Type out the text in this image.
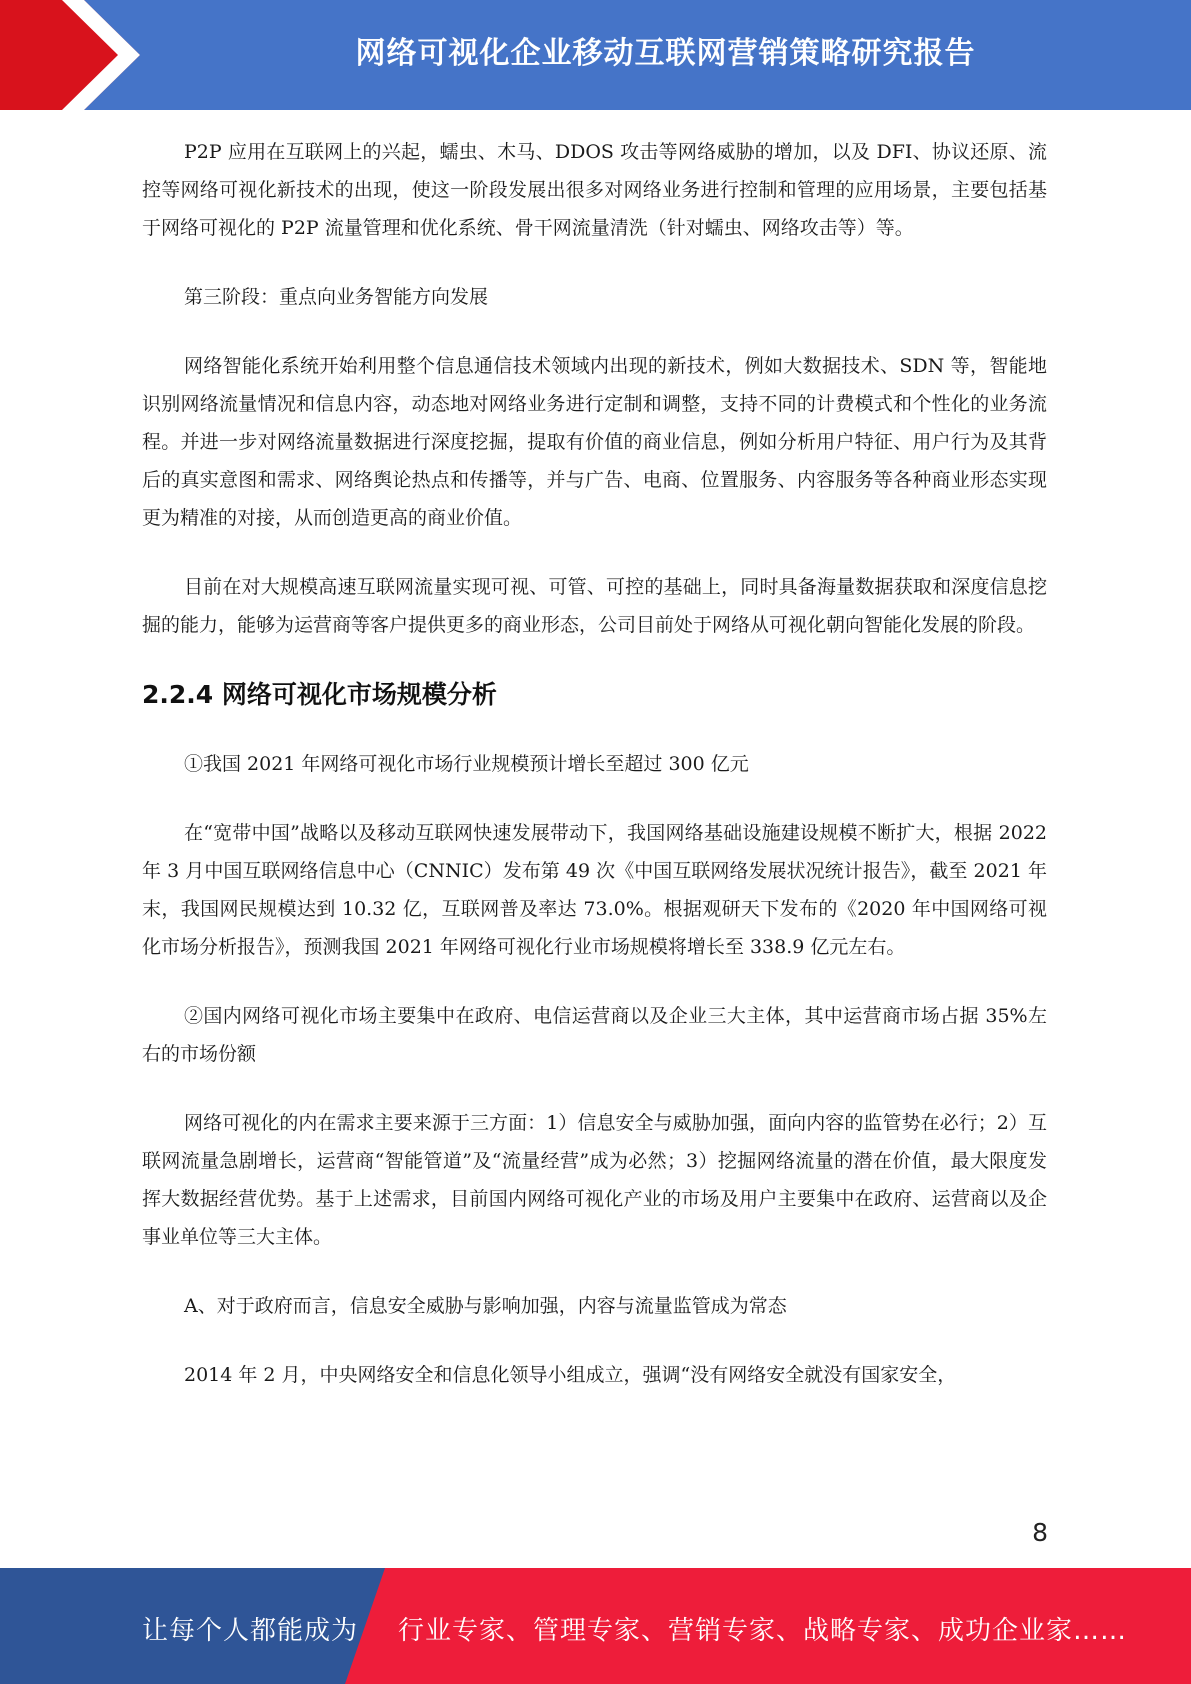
网络可视化企业移动互联网营销策略研究报告

P2P 应用在互联网上的兴起，蠕虫、木马、DDOS 攻击等网络威胁的增加，以及 DFI、协议还原、流控等网络可视化新技术的出现，使这一阶段发展出很多对网络业务进行控制和管理的应用场景，主要包括基于网络可视化的 P2P 流量管理和优化系统、骨干网流量清洗（针对蠕虫、网络攻击等）等。

第三阶段：重点向业务智能方向发展

网络智能化系统开始利用整个信息通信技术领域内出现的新技术，例如大数据技术、SDN 等，智能地识别网络流量情况和信息内容，动态地对网络业务进行定制和调整，支持不同的计费模式和个性化的业务流程。并进一步对网络流量数据进行深度挖掘，提取有价值的商业信息，例如分析用户特征、用户行为及其背后的真实意图和需求、网络舆论热点和传播等，并与广告、电商、位置服务、内容服务等各种商业形态实现更为精准的对接，从而创造更高的商业价值。

目前在对大规模高速互联网流量实现可视、可管、可控的基础上，同时具备海量数据获取和深度信息挖掘的能力，能够为运营商等客户提供更多的商业形态，公司目前处于网络从可视化朝向智能化发展的阶段。

2.2.4 网络可视化市场规模分析

①我国 2021 年网络可视化市场行业规模预计增长至超过 300 亿元

在“宽带中国”战略以及移动互联网快速发展带动下，我国网络基础设施建设规模不断扩大，根据 2022 年 3 月中国互联网络信息中心（CNNIC）发布第 49 次《中国互联网络发展状况统计报告》，截至 2021 年末，我国网民规模达到 10.32 亿，互联网普及率达 73.0%。根据观研天下发布的《2020 年中国网络可视化市场分析报告》，预测我国 2021 年网络可视化行业市场规模将增长至 338.9 亿元左右。

②国内网络可视化市场主要集中在政府、电信运营商以及企业三大主体，其中运营商市场占据 35%左右的市场份额

网络可视化的内在需求主要来源于三方面：1）信息安全与威胁加强，面向内容的监管势在必行；2）互联网流量急剧增长，运营商“智能管道”及“流量经营”成为必然；3）挖掘网络流量的潜在价值，最大限度发挥大数据经营优势。基于上述需求，目前国内网络可视化产业的市场及用户主要集中在政府、运营商以及企事业单位等三大主体。

A、对于政府而言，信息安全威胁与影响加强，内容与流量监管成为常态

2014 年 2 月，中央网络安全和信息化领导小组成立，强调“没有网络安全就没有国家安全，

8
让每个人都能成为 行业专家、管理专家、营销专家、战略专家、成功企业家……
